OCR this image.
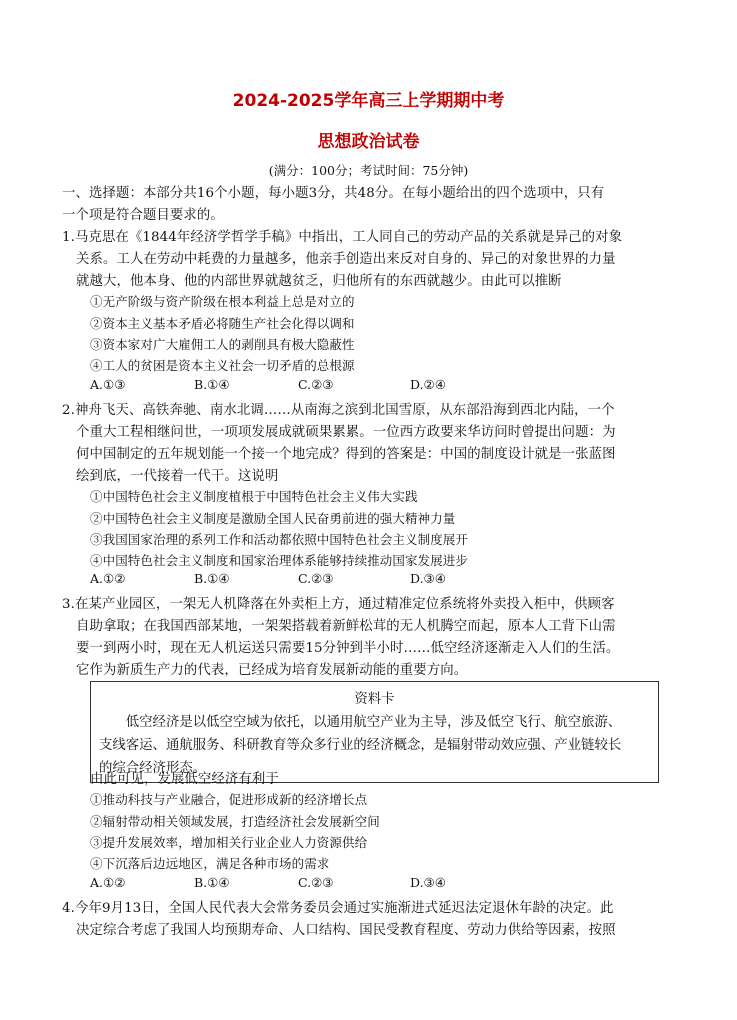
2024-2025学年高三上学期期中考
思想政治试卷
(满分：100分；考试时间：75分钟)
一、选择题：本部分共16个小题，每小题3分，共48分。在每小题给出的四个选项中，只有
一个项是符合题目要求的。
1.马克思在《1844年经济学哲学手稿》中指出，工人同自己的劳动产品的关系就是异己的对象
关系。工人在劳动中耗费的力量越多，他亲手创造出来反对自身的、异己的对象世界的力量
就越大，他本身、他的内部世界就越贫乏，归他所有的东西就越少。由此可以推断
①无产阶级与资产阶级在根本利益上总是对立的
②资本主义基本矛盾必将随生产社会化得以调和
③资本家对广大雇佣工人的剥削具有极大隐蔽性
④工人的贫困是资本主义社会一切矛盾的总根源
A.①③	B.①④	C.②③	D.②④
2.神舟飞天、高铁奔驰、南水北调……从南海之滨到北国雪原，从东部沿海到西北内陆，一个
个重大工程相继问世，一项项发展成就硕果累累。一位西方政要来华访问时曾提出问题：为
何中国制定的五年规划能一个接一个地完成？得到的答案是：中国的制度设计就是一张蓝图
绘到底，一代接着一代干。这说明
①中国特色社会主义制度植根于中国特色社会主义伟大实践
②中国特色社会主义制度是激励全国人民奋勇前进的强大精神力量
③我国国家治理的系列工作和活动都依照中国特色社会主义制度展开
④中国特色社会主义制度和国家治理体系能够持续推动国家发展进步
A.①②	B.①④	C.②③	D.③④
3.在某产业园区，一架无人机降落在外卖柜上方，通过精准定位系统将外卖投入柜中，供顾客
自助拿取；在我国西部某地，一架架搭载着新鲜松茸的无人机腾空而起，原本人工背下山需
要一到两小时，现在无人机运送只需要15分钟到半小时……低空经济逐渐走入人们的生活。
它作为新质生产力的代表，已经成为培育发展新动能的重要方向。
资料卡
　　低空经济是以低空空域为依托，以通用航空产业为主导，涉及低空飞行、航空旅游、
支线客运、通航服务、科研教育等众多行业的经济概念，是辐射带动效应强、产业链较长
的综合经济形态。
由此可见，发展低空经济有利于
①推动科技与产业融合，促进形成新的经济增长点
②辐射带动相关领域发展，打造经济社会发展新空间
③提升发展效率，增加相关行业企业人力资源供给
④下沉落后边远地区，满足各种市场的需求
A.①②	B.①④	C.②③	D.③④
4.今年9月13日，全国人民代表大会常务委员会通过实施渐进式延迟法定退休年龄的决定。此
决定综合考虑了我国人均预期寿命、人口结构、国民受教育程度、劳动力供给等因素，按照
